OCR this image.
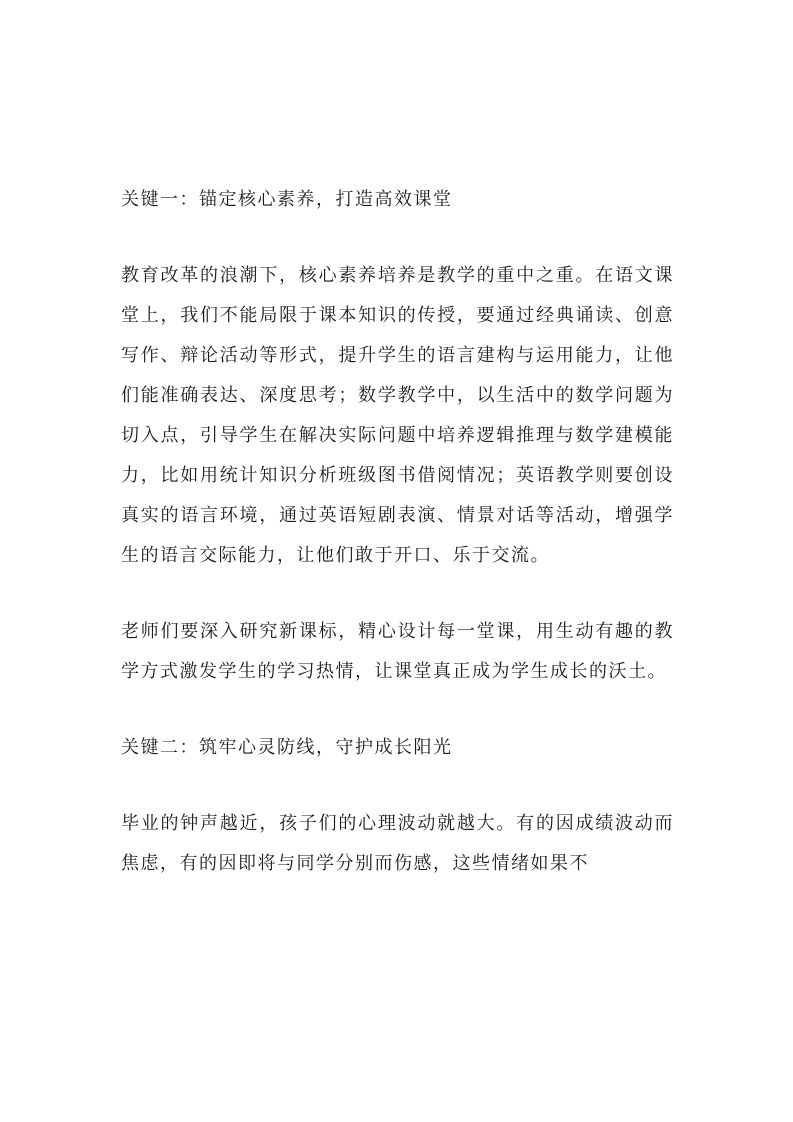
关键一：锚定核心素养，打造高效课堂

教育改革的浪潮下，核心素养培养是教学的重中之重。在语文课堂上，我们不能局限于课本知识的传授，要通过经典诵读、创意写作、辩论活动等形式，提升学生的语言建构与运用能力，让他们能准确表达、深度思考；数学教学中，以生活中的数学问题为切入点，引导学生在解决实际问题中培养逻辑推理与数学建模能力，比如用统计知识分析班级图书借阅情况；英语教学则要创设真实的语言环境，通过英语短剧表演、情景对话等活动，增强学生的语言交际能力，让他们敢于开口、乐于交流。

老师们要深入研究新课标，精心设计每一堂课，用生动有趣的教学方式激发学生的学习热情，让课堂真正成为学生成长的沃土。

关键二：筑牢心灵防线，守护成长阳光

毕业的钟声越近，孩子们的心理波动就越大。有的因成绩波动而焦虑，有的因即将与同学分别而伤感，这些情绪如果不
